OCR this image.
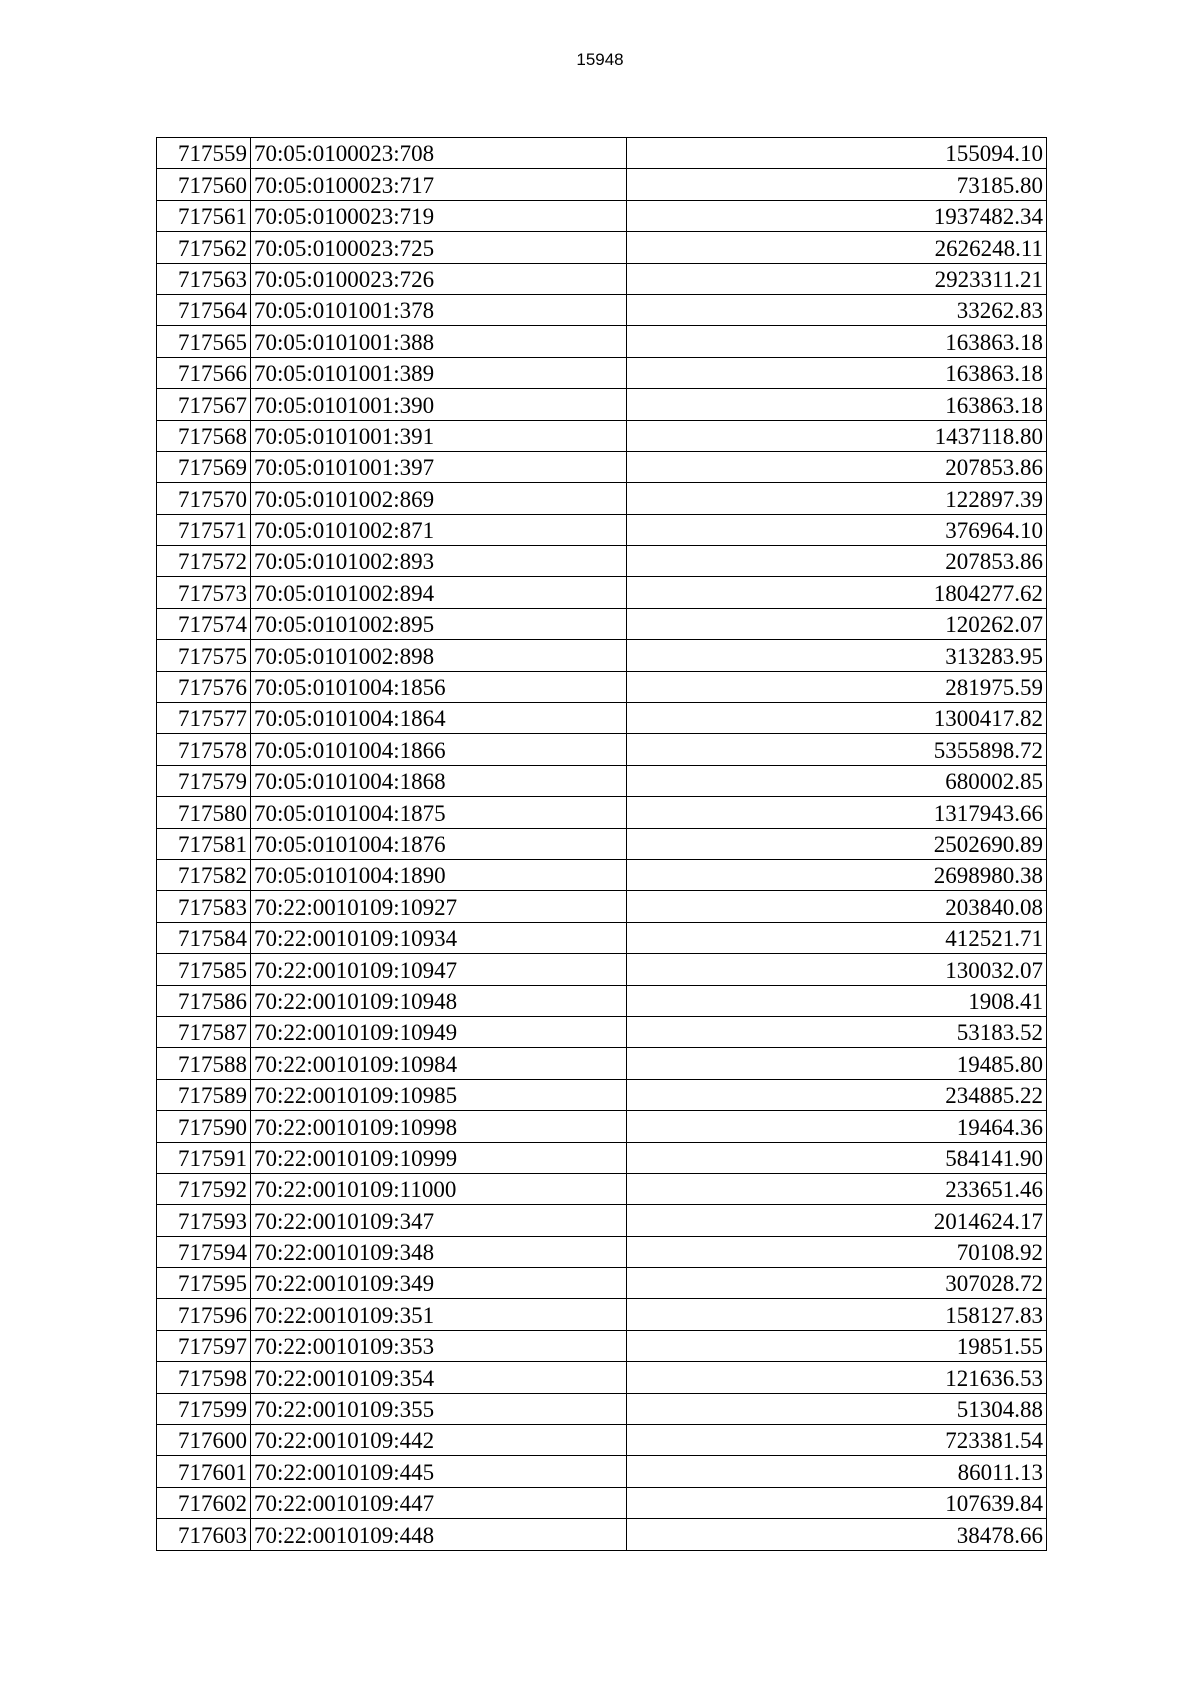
15948
717559	70:05:0100023:708	155094.10
717560	70:05:0100023:717	73185.80
717561	70:05:0100023:719	1937482.34
717562	70:05:0100023:725	2626248.11
717563	70:05:0100023:726	2923311.21
717564	70:05:0101001:378	33262.83
717565	70:05:0101001:388	163863.18
717566	70:05:0101001:389	163863.18
717567	70:05:0101001:390	163863.18
717568	70:05:0101001:391	1437118.80
717569	70:05:0101001:397	207853.86
717570	70:05:0101002:869	122897.39
717571	70:05:0101002:871	376964.10
717572	70:05:0101002:893	207853.86
717573	70:05:0101002:894	1804277.62
717574	70:05:0101002:895	120262.07
717575	70:05:0101002:898	313283.95
717576	70:05:0101004:1856	281975.59
717577	70:05:0101004:1864	1300417.82
717578	70:05:0101004:1866	5355898.72
717579	70:05:0101004:1868	680002.85
717580	70:05:0101004:1875	1317943.66
717581	70:05:0101004:1876	2502690.89
717582	70:05:0101004:1890	2698980.38
717583	70:22:0010109:10927	203840.08
717584	70:22:0010109:10934	412521.71
717585	70:22:0010109:10947	130032.07
717586	70:22:0010109:10948	1908.41
717587	70:22:0010109:10949	53183.52
717588	70:22:0010109:10984	19485.80
717589	70:22:0010109:10985	234885.22
717590	70:22:0010109:10998	19464.36
717591	70:22:0010109:10999	584141.90
717592	70:22:0010109:11000	233651.46
717593	70:22:0010109:347	2014624.17
717594	70:22:0010109:348	70108.92
717595	70:22:0010109:349	307028.72
717596	70:22:0010109:351	158127.83
717597	70:22:0010109:353	19851.55
717598	70:22:0010109:354	121636.53
717599	70:22:0010109:355	51304.88
717600	70:22:0010109:442	723381.54
717601	70:22:0010109:445	86011.13
717602	70:22:0010109:447	107639.84
717603	70:22:0010109:448	38478.66
